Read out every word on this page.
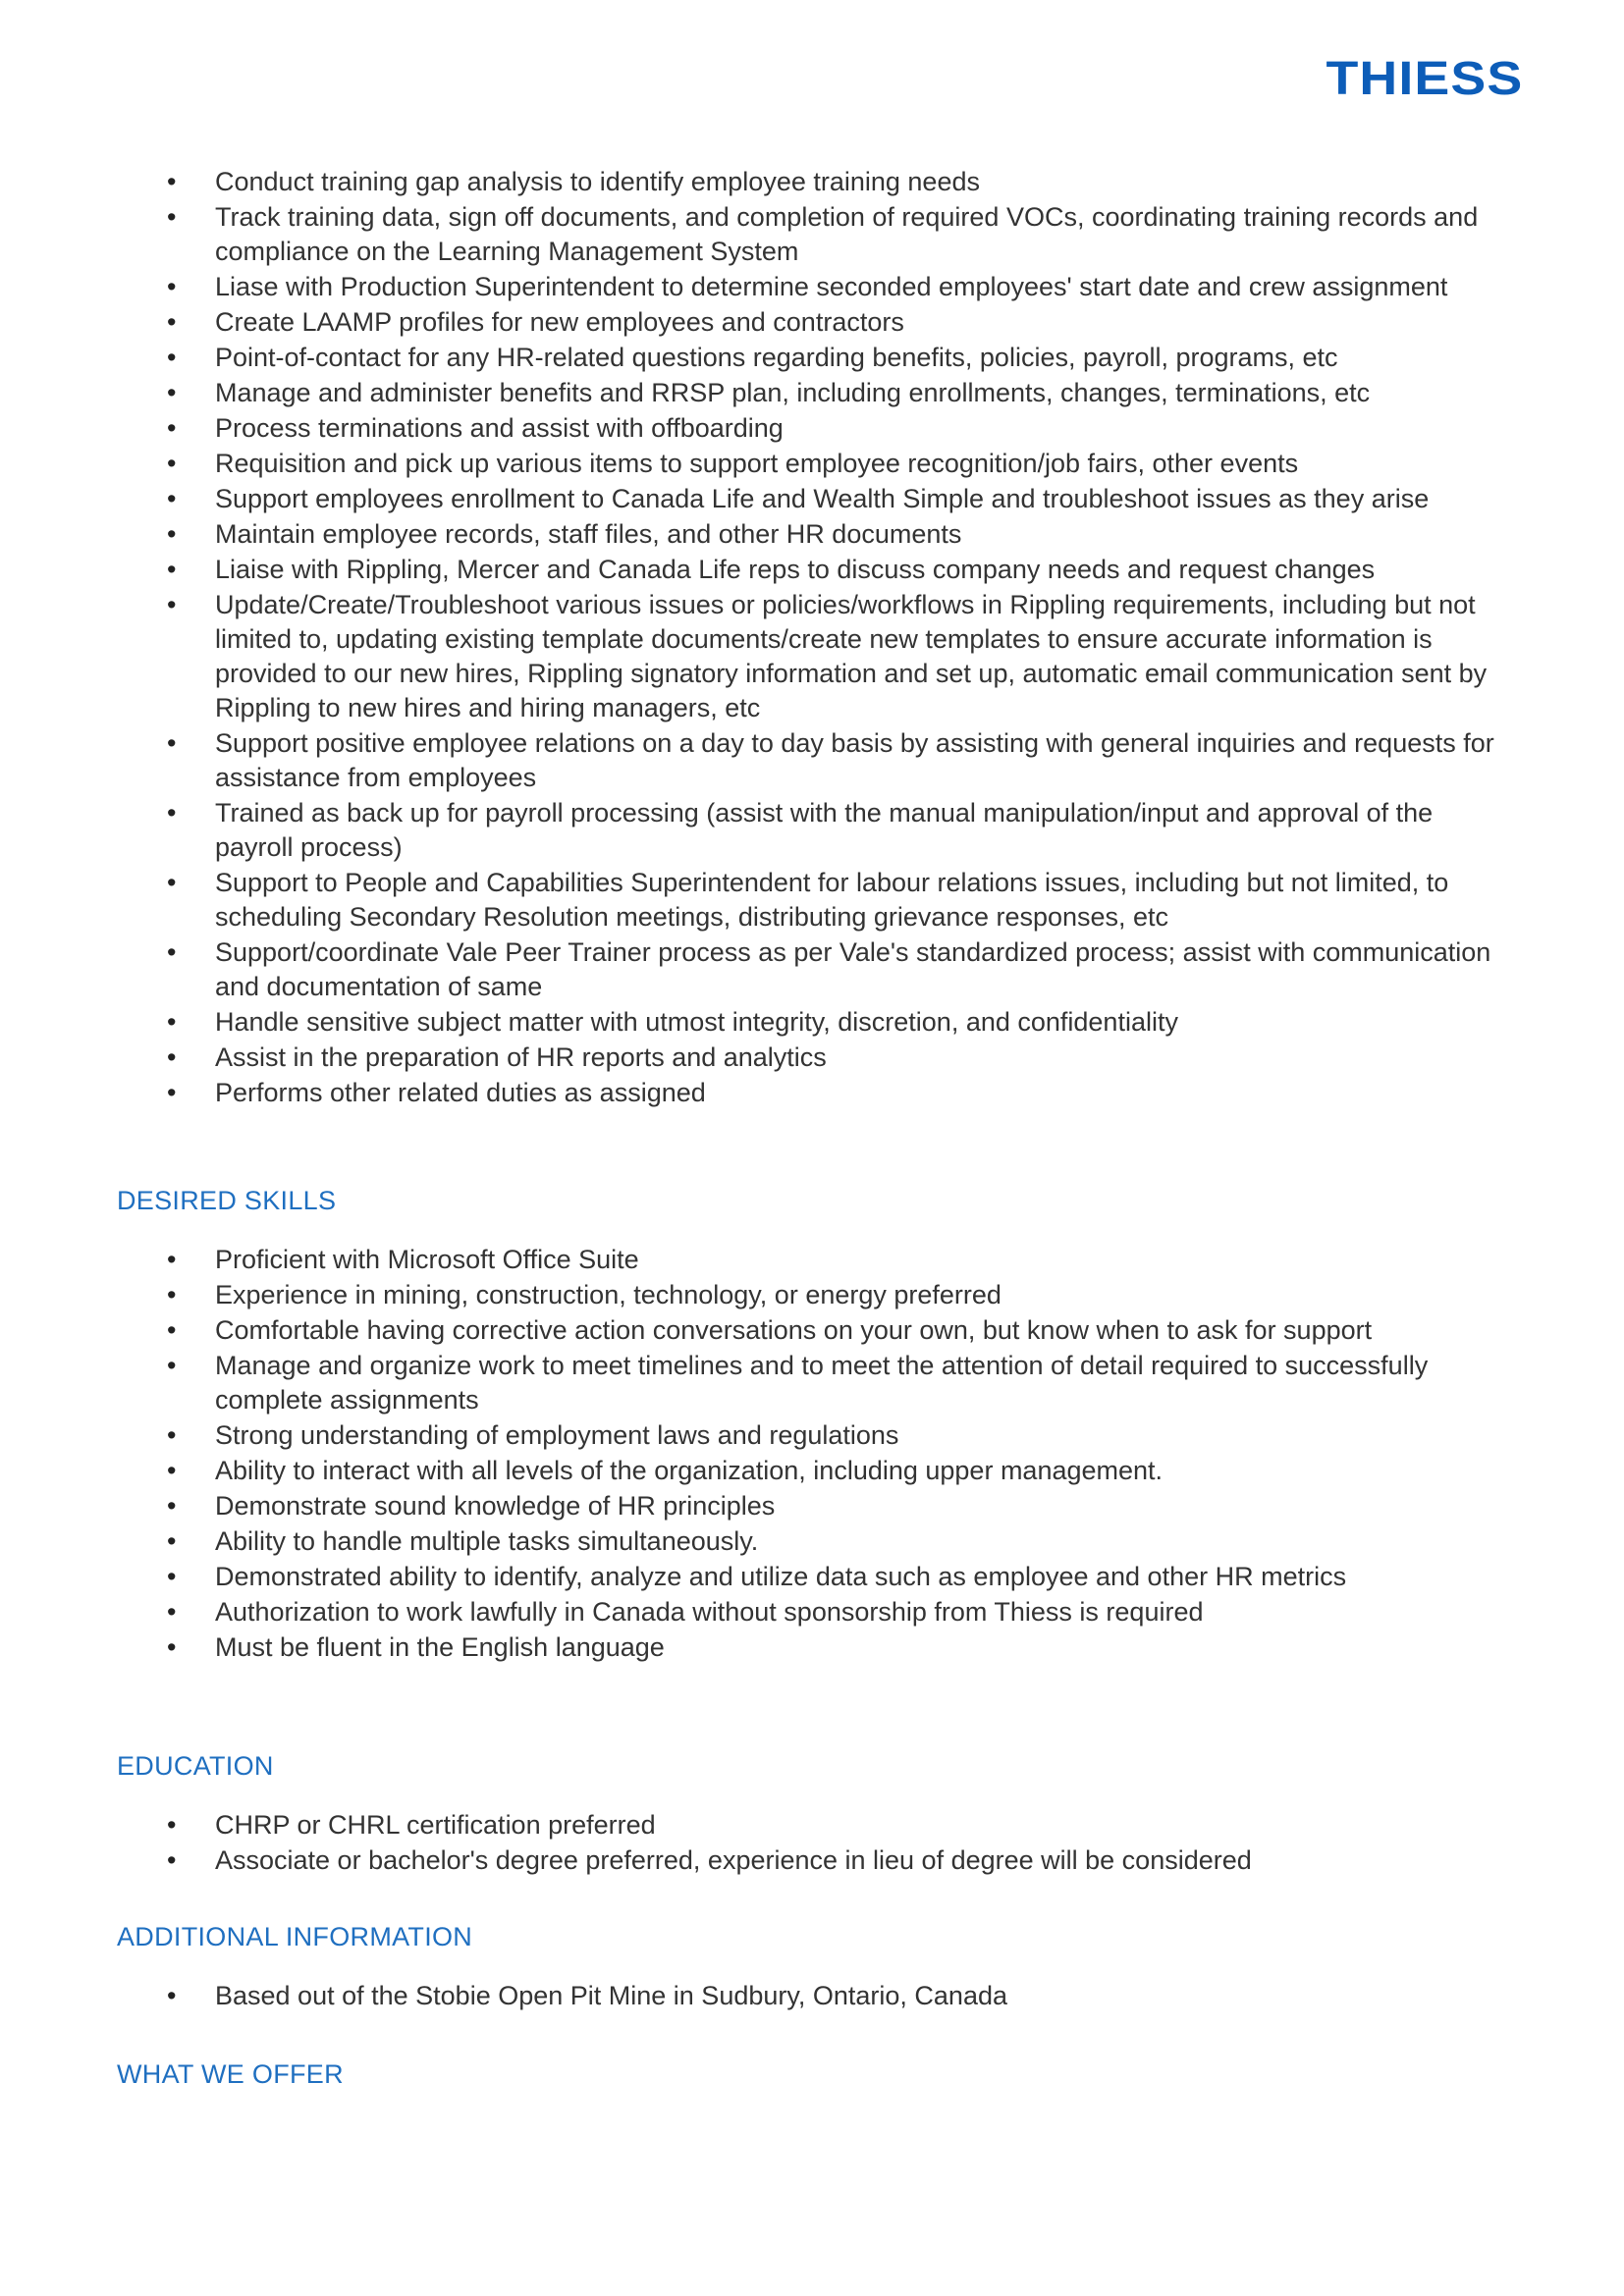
THIESS
• Conduct training gap analysis to identify employee training needs
• Track training data, sign off documents, and completion of required VOCs, coordinating training records and compliance on the Learning Management System
• Liase with Production Superintendent to determine seconded employees' start date and crew assignment
• Create LAAMP profiles for new employees and contractors
• Point-of-contact for any HR-related questions regarding benefits, policies, payroll, programs, etc
• Manage and administer benefits and RRSP plan, including enrollments, changes, terminations, etc
• Process terminations and assist with offboarding
• Requisition and pick up various items to support employee recognition/job fairs, other events
• Support employees enrollment to Canada Life and Wealth Simple and troubleshoot issues as they arise
• Maintain employee records, staff files, and other HR documents
• Liaise with Rippling, Mercer and Canada Life reps to discuss company needs and request changes
• Update/Create/Troubleshoot various issues or policies/workflows in Rippling requirements, including but not limited to, updating existing template documents/create new templates to ensure accurate information is provided to our new hires, Rippling signatory information and set up, automatic email communication sent by Rippling to new hires and hiring managers, etc
• Support positive employee relations on a day to day basis by assisting with general inquiries and requests for assistance from employees
• Trained as back up for payroll processing (assist with the manual manipulation/input and approval of the payroll process)
• Support to People and Capabilities Superintendent for labour relations issues, including but not limited, to scheduling Secondary Resolution meetings, distributing grievance responses, etc
• Support/coordinate Vale Peer Trainer process as per Vale's standardized process; assist with communication and documentation of same
• Handle sensitive subject matter with utmost integrity, discretion, and confidentiality
• Assist in the preparation of HR reports and analytics
• Performs other related duties as assigned
DESIRED SKILLS
• Proficient with Microsoft Office Suite
• Experience in mining, construction, technology, or energy preferred
• Comfortable having corrective action conversations on your own, but know when to ask for support
• Manage and organize work to meet timelines and to meet the attention of detail required to successfully complete assignments
• Strong understanding of employment laws and regulations
• Ability to interact with all levels of the organization, including upper management.
• Demonstrate sound knowledge of HR principles
• Ability to handle multiple tasks simultaneously.
• Demonstrated ability to identify, analyze and utilize data such as employee and other HR metrics
• Authorization to work lawfully in Canada without sponsorship from Thiess is required
• Must be fluent in the English language
EDUCATION
• CHRP or CHRL certification preferred
• Associate or bachelor's degree preferred, experience in lieu of degree will be considered
ADDITIONAL INFORMATION
• Based out of the Stobie Open Pit Mine in Sudbury, Ontario, Canada
WHAT WE OFFER
